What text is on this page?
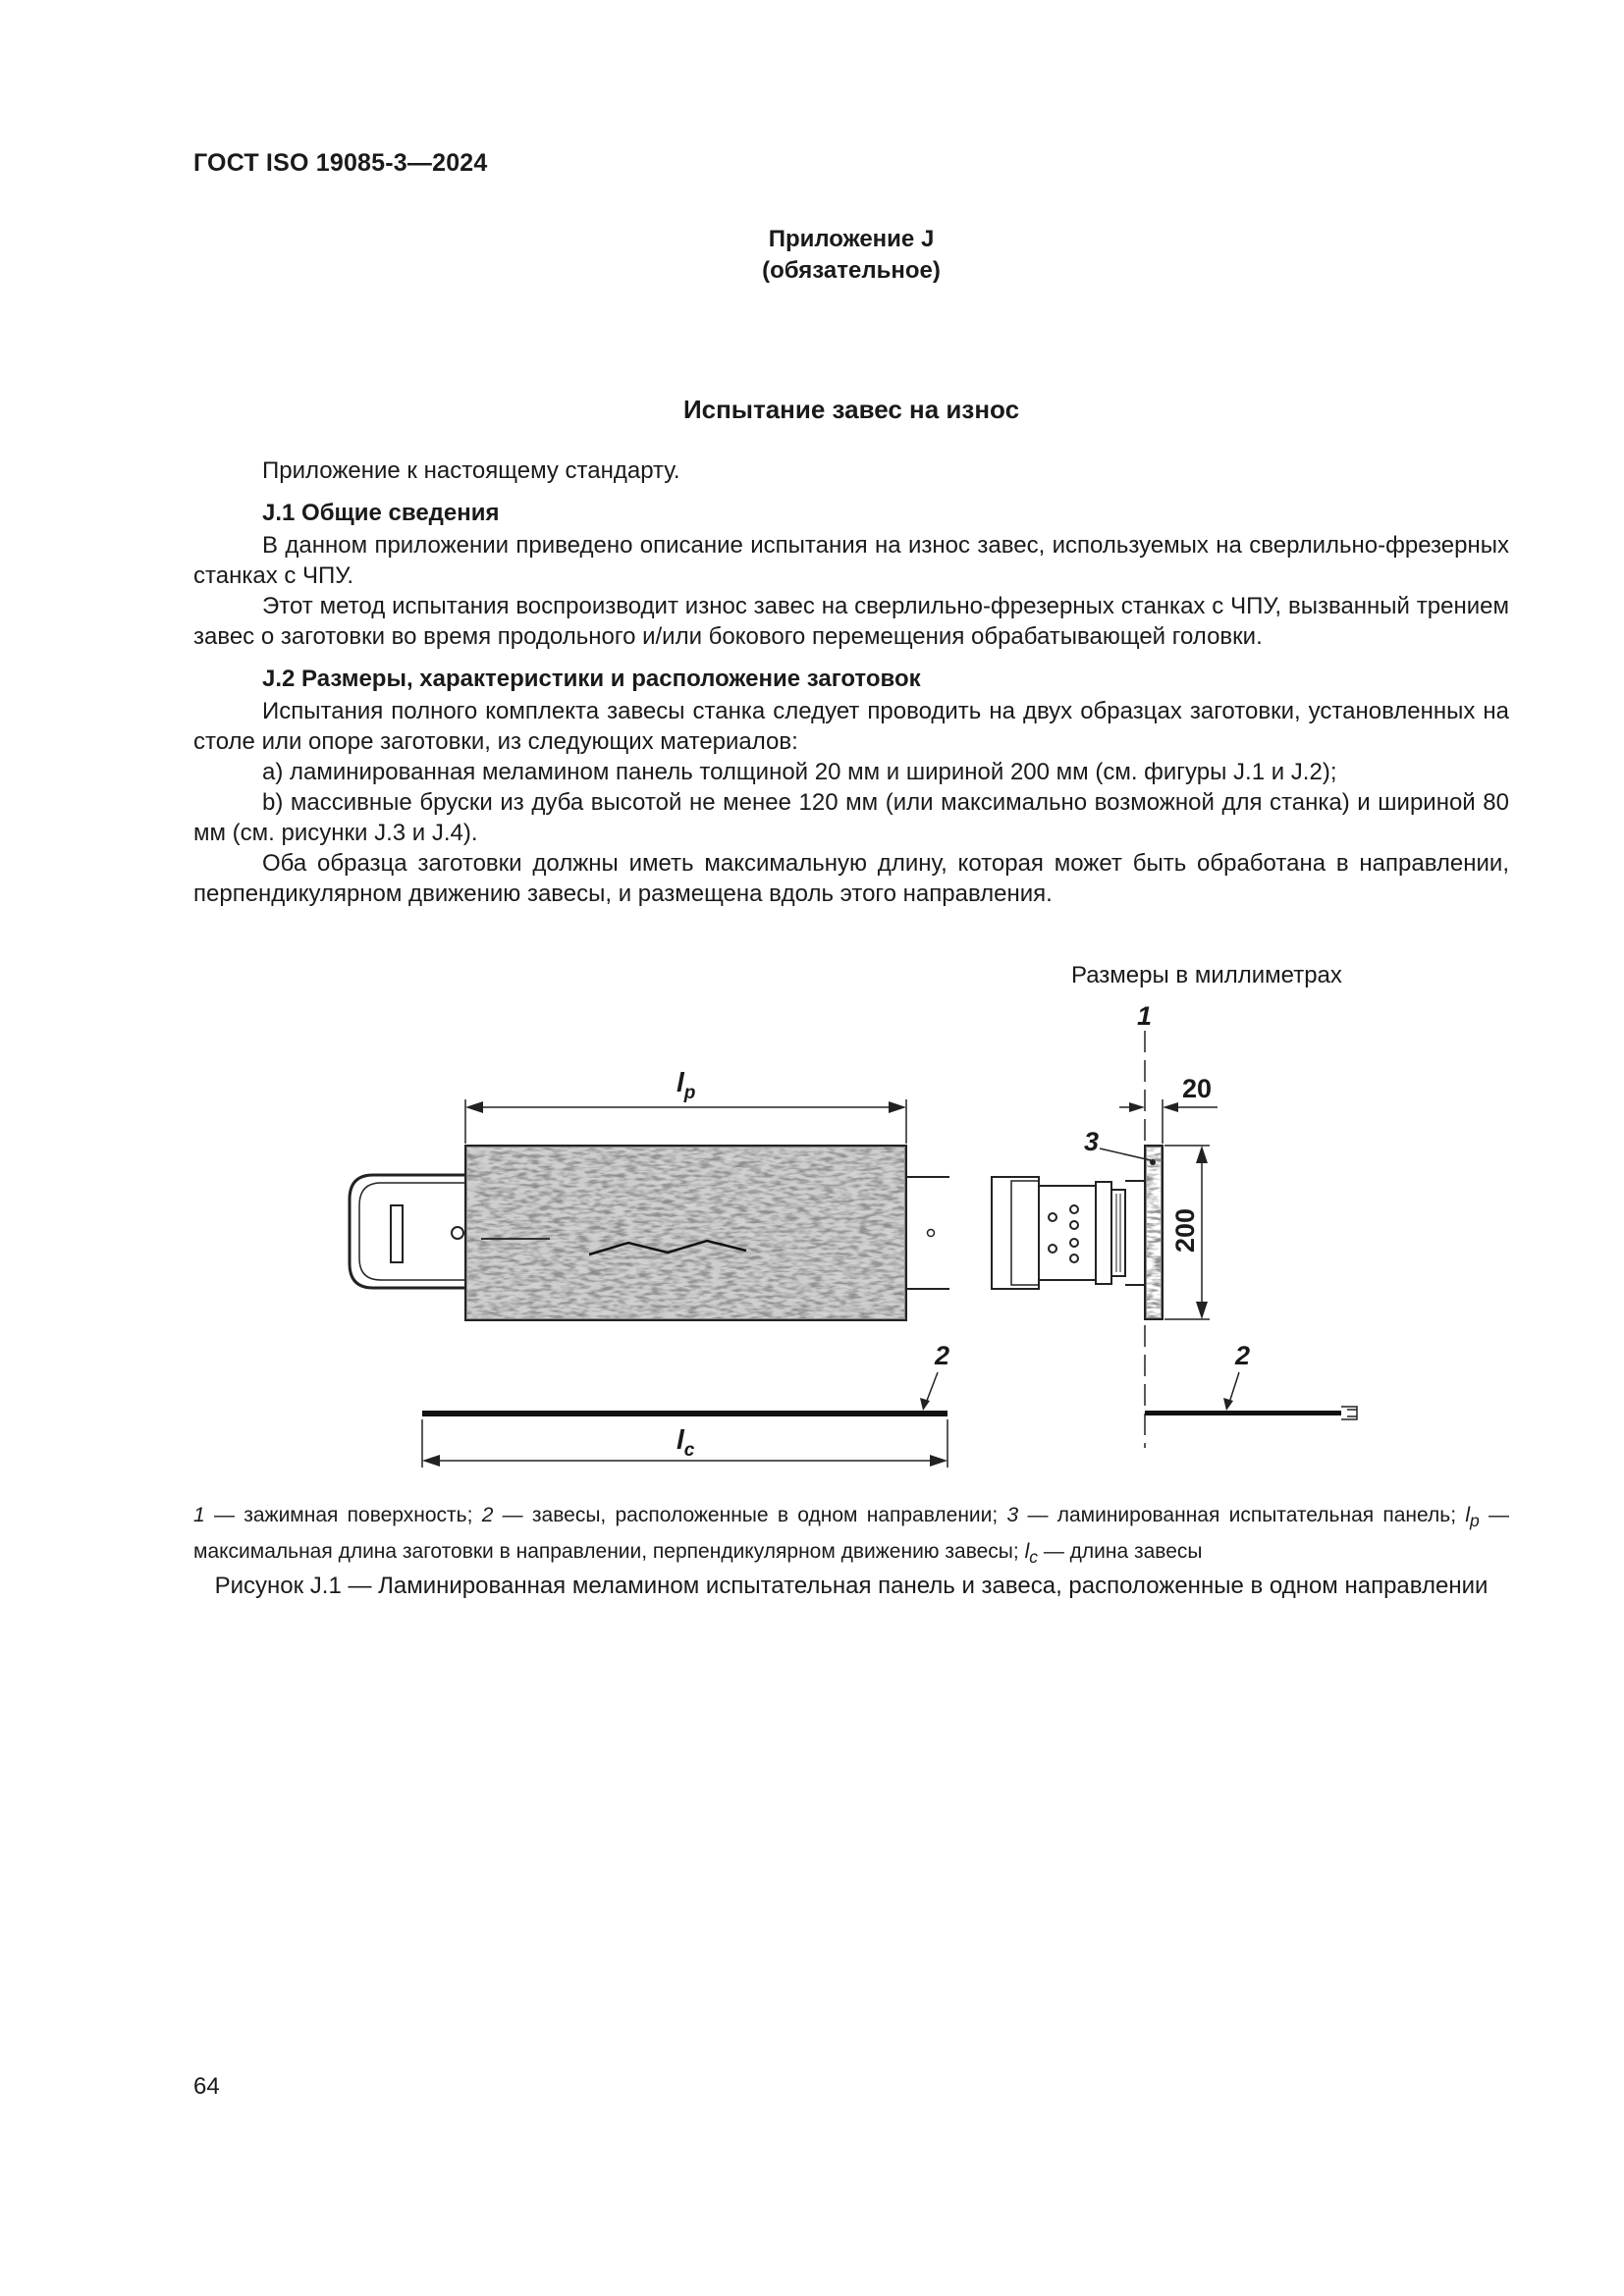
ГОСТ ISO 19085-3—2024
Приложение J
(обязательное)
Испытание завес на износ

Приложение к настоящему стандарту.

J.1 Общие сведения

В данном приложении приведено описание испытания на износ завес, используемых на сверлильно-фрезерных станках с ЧПУ.

Этот метод испытания воспроизводит износ завес на сверлильно-фрезерных станках с ЧПУ, вызванный трением завес о заготовки во время продольного и/или бокового перемещения обрабатывающей головки.

J.2 Размеры, характеристики и расположение заготовок

Испытания полного комплекта завесы станка следует проводить на двух образцах заготовки, установленных на столе или опоре заготовки, из следующих материалов:

a) ламинированная меламином панель толщиной 20 мм и шириной 200 мм (см. фигуры J.1 и J.2);

b) массивные бруски из дуба высотой не менее 120 мм (или максимально возможной для станка) и шириной 80 мм (см. рисунки J.3 и J.4).

Оба образца заготовки должны иметь максимальную длину, которая может быть обработана в направлении, перпендикулярном движению завесы, и размещена вдоль этого направления.

Размеры в миллиметрах
$l_p$
2
$l_c$
1
3
20
200
2
1 — зажимная поверхность; 2 — завесы, расположенные в одном направлении; 3 — ламинированная испытательная панель; $l_p$ — максимальная длина заготовки в направлении, перпендикулярном движению завесы; $l_c$ — длина завесы
Рисунок J.1 — Ламинированная меламином испытательная панель и завеса, расположенные в одном направлении
64
